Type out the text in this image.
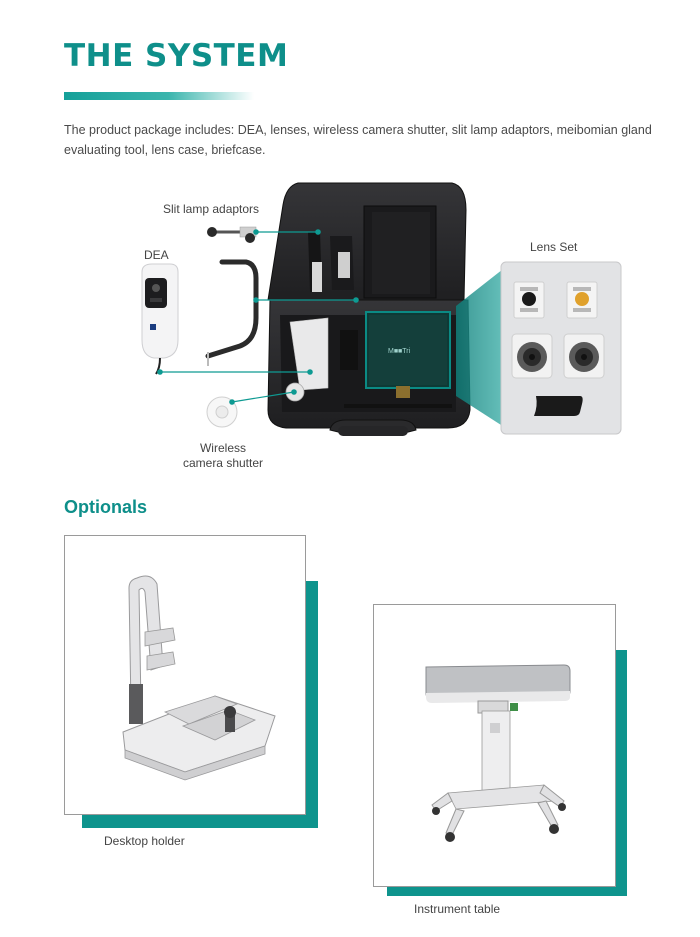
THE SYSTEM

The product package includes: DEA, lenses, wireless camera shutter, slit lamp adaptors, meibomian gland evaluating tool, lens case, briefcase.

M■■Tri
Slit lamp adaptors
DEA
Lens Set
Wireless
camera shutter
Optionals
Desktop holder
Instrument table
